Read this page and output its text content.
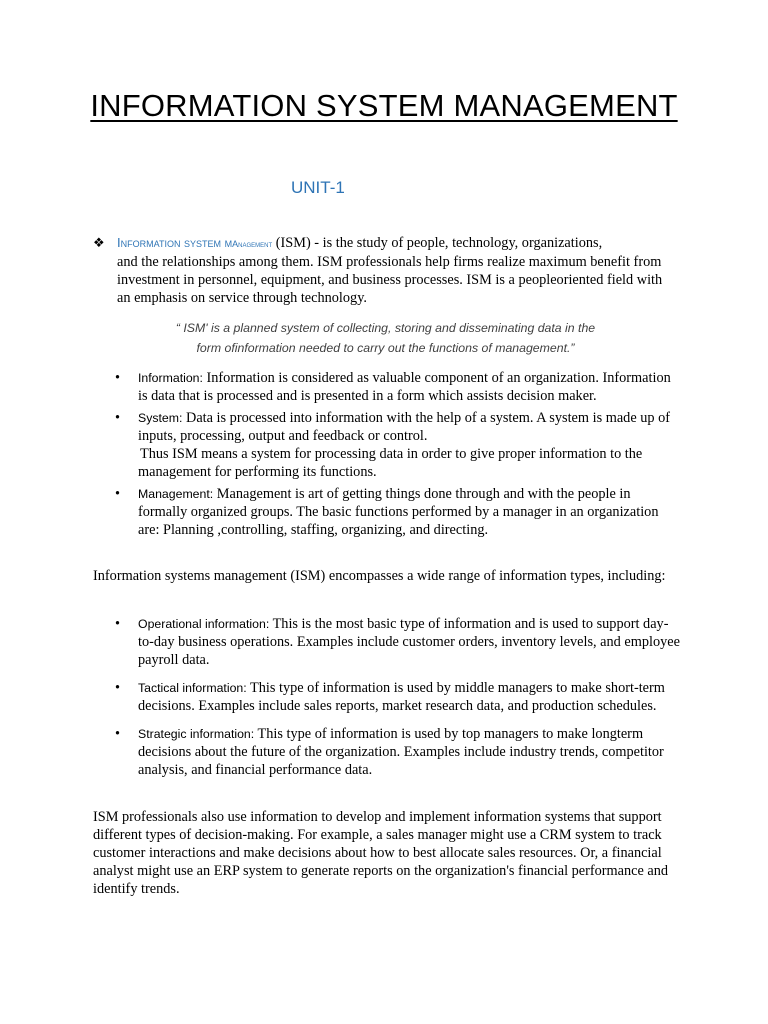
INFORMATION SYSTEM MANAGEMENT
UNIT-1
❖ Information system management (ISM) - is the study of people, technology, organizations,
and the relationships among them. ISM professionals help firms realize maximum benefit from investment in personnel, equipment, and business processes. ISM is a peopleoriented field with an emphasis on service through technology.
“ ISM' is a planned system of collecting, storing and disseminating data in the
form ofinformation needed to carry out the functions of management.”
• Information: Information is considered as valuable component of an organization. Information is data that is processed and is presented in a form which assists decision maker.
• System: Data is processed into information with the help of a system. A system is made up of inputs, processing, output and feedback or control.
Thus ISM means a system for processing data in order to give proper information to the management for performing its functions.
• Management: Management is art of getting things done through and with the people in formally organized groups. The basic functions performed by a manager in an organization are: Planning ,controlling, staffing, organizing, and directing.
Information systems management (ISM) encompasses a wide range of information types, including:
• Operational information: This is the most basic type of information and is used to support day-to-day business operations. Examples include customer orders, inventory levels, and employee payroll data.
• Tactical information: This type of information is used by middle managers to make short-term decisions. Examples include sales reports, market research data, and production schedules.
• Strategic information: This type of information is used by top managers to make longterm decisions about the future of the organization. Examples include industry trends, competitor analysis, and financial performance data.
ISM professionals also use information to develop and implement information systems that support different types of decision-making. For example, a sales manager might use a CRM system to track customer interactions and make decisions about how to best allocate sales resources. Or, a financial analyst might use an ERP system to generate reports on the organization's financial performance and identify trends.
